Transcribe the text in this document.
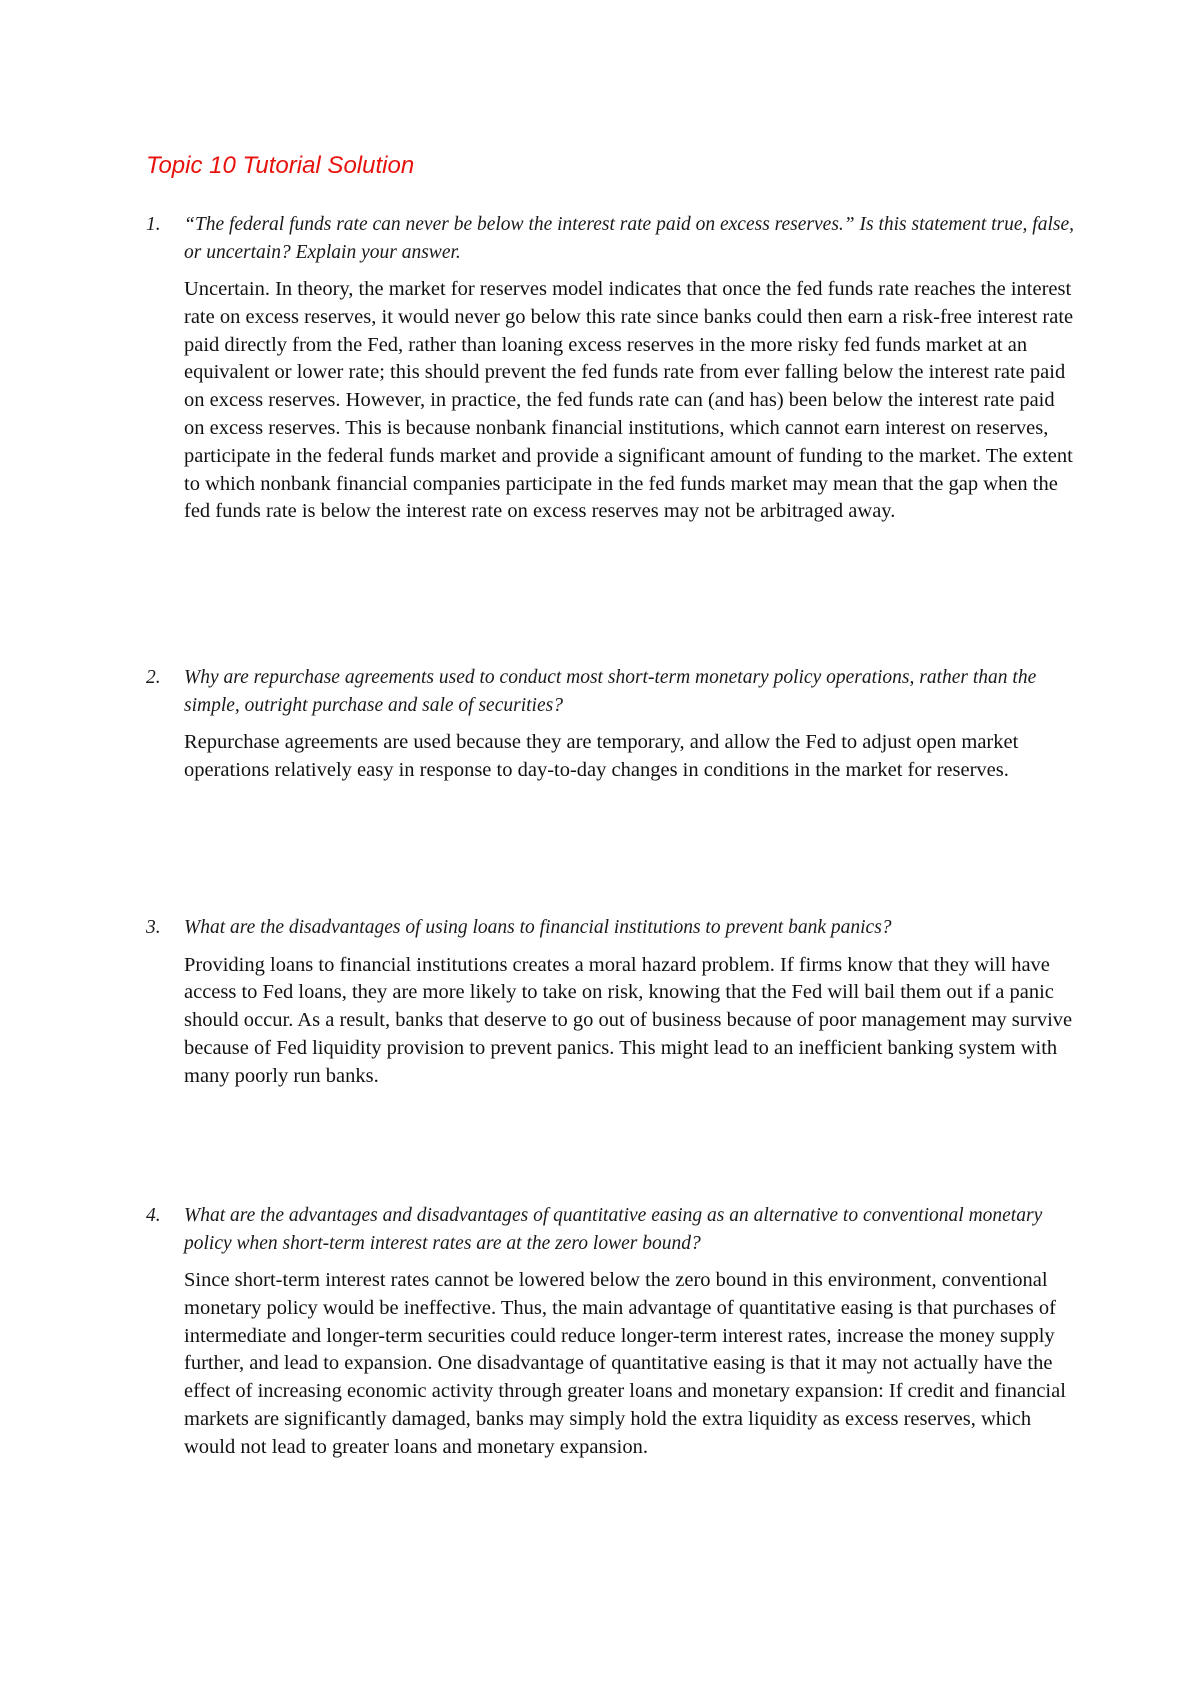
Topic 10 Tutorial Solution
1.	“The federal funds rate can never be below the interest rate paid on excess reserves.” Is this statement true, false, or uncertain? Explain your answer.

Uncertain. In theory, the market for reserves model indicates that once the fed funds rate reaches the interest rate on excess reserves, it would never go below this rate since banks could then earn a risk-free interest rate paid directly from the Fed, rather than loaning excess reserves in the more risky fed funds market at an equivalent or lower rate; this should prevent the fed funds rate from ever falling below the interest rate paid on excess reserves. However, in practice, the fed funds rate can (and has) been below the interest rate paid on excess reserves. This is because nonbank financial institutions, which cannot earn interest on reserves, participate in the federal funds market and provide a significant amount of funding to the market. The extent to which nonbank financial companies participate in the fed funds market may mean that the gap when the fed funds rate is below the interest rate on excess reserves may not be arbitraged away.

2.	Why are repurchase agreements used to conduct most short-term monetary policy operations, rather than the simple, outright purchase and sale of securities?

Repurchase agreements are used because they are temporary, and allow the Fed to adjust open market operations relatively easy in response to day-to-day changes in conditions in the market for reserves.

3.	What are the disadvantages of using loans to financial institutions to prevent bank panics?

Providing loans to financial institutions creates a moral hazard problem. If firms know that they will have access to Fed loans, they are more likely to take on risk, knowing that the Fed will bail them out if a panic should occur. As a result, banks that deserve to go out of business because of poor management may survive because of Fed liquidity provision to prevent panics. This might lead to an inefficient banking system with many poorly run banks.

4.	What are the advantages and disadvantages of quantitative easing as an alternative to conventional monetary policy when short-term interest rates are at the zero lower bound?

Since short-term interest rates cannot be lowered below the zero bound in this environment, conventional monetary policy would be ineffective. Thus, the main advantage of quantitative easing is that purchases of intermediate and longer-term securities could reduce longer-term interest rates, increase the money supply further, and lead to expansion. One disadvantage of quantitative easing is that it may not actually have the effect of increasing economic activity through greater loans and monetary expansion: If credit and financial markets are significantly damaged, banks may simply hold the extra liquidity as excess reserves, which would not lead to greater loans and monetary expansion.
